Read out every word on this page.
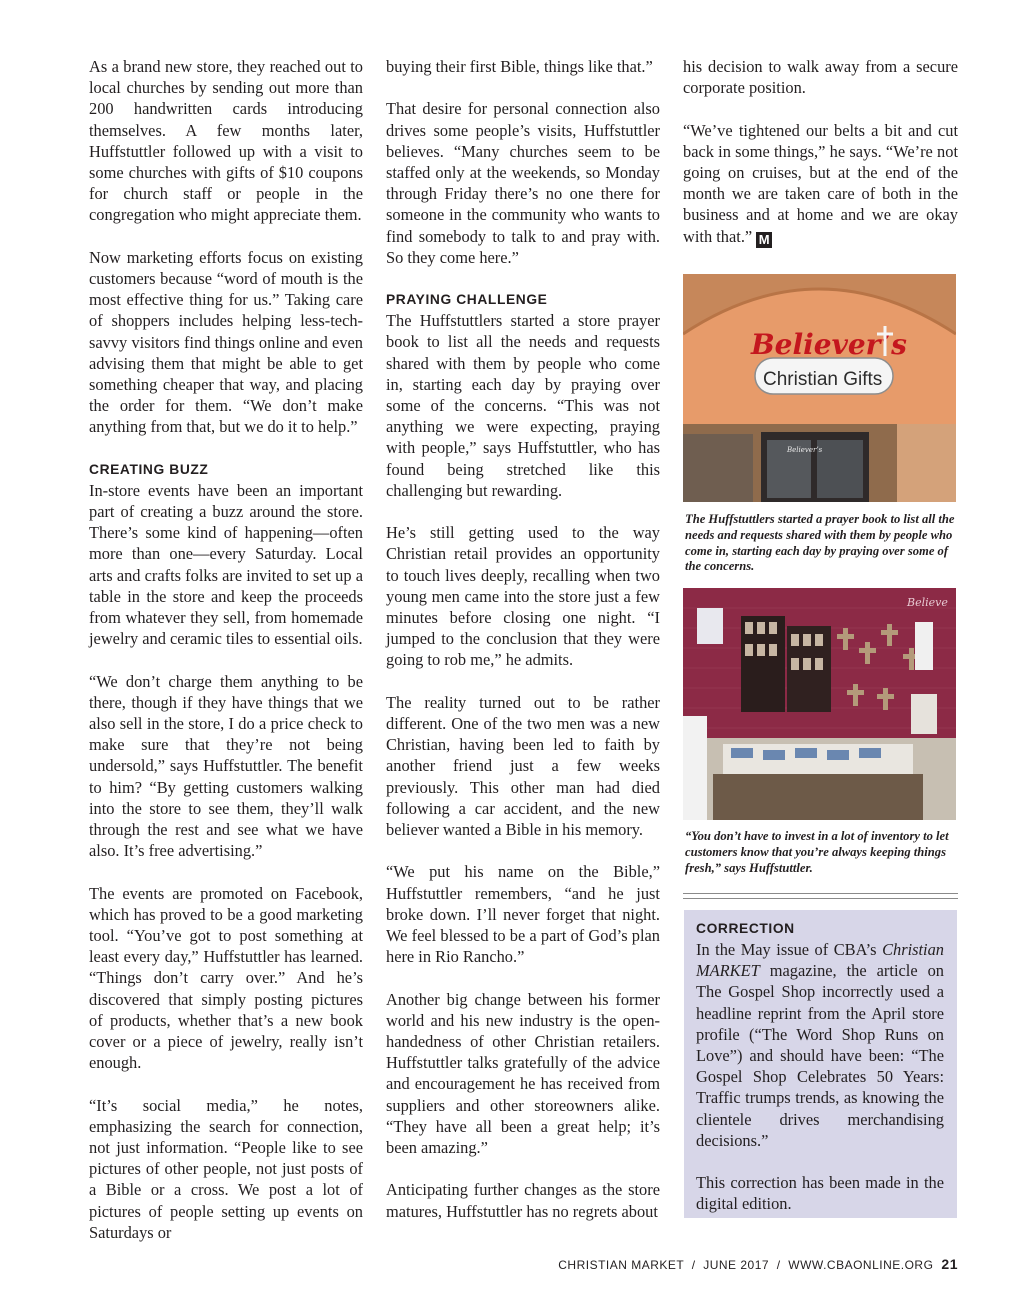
As a brand new store, they reached out to local churches by sending out more than 200 handwritten cards introducing themselves. A few months later, Huffstuttler followed up with a visit to some churches with gifts of $10 coupons for church staff or people in the congregation who might appreciate them.

Now marketing efforts focus on existing customers because “word of mouth is the most effective thing for us.” Taking care of shoppers includes helping less-tech-savvy visitors find things online and even advising them that might be able to get something cheaper that way, and placing the order for them. “We don’t make anything from that, but we do it to help.”

CREATING BUZZ

In-store events have been an important part of creating a buzz around the store. There’s some kind of happening—often more than one—every Saturday. Local arts and crafts folks are invited to set up a table in the store and keep the proceeds from whatever they sell, from homemade jewelry and ceramic tiles to essential oils.

“We don’t charge them anything to be there, though if they have things that we also sell in the store, I do a price check to make sure that they’re not being undersold,” says Huffstuttler. The benefit to him? “By getting customers walking into the store to see them, they’ll walk through the rest and see what we have also. It’s free advertising.”

The events are promoted on Facebook, which has proved to be a good marketing tool. “You’ve got to post something at least every day,” Huffstuttler has learned. “Things don’t carry over.” And he’s discovered that simply posting pictures of products, whether that’s a new book cover or a piece of jewelry, really isn’t enough.

“It’s social media,” he notes, emphasizing the search for connection, not just information. “People like to see pictures of other people, not just posts of a Bible or a cross. We post a lot of pictures of people setting up events on Saturdays or

buying their first Bible, things like that.”

That desire for personal connection also drives some people’s visits, Huffstuttler believes. “Many churches seem to be staffed only at the weekends, so Monday through Friday there’s no one there for someone in the community who wants to find somebody to talk to and pray with. So they come here.”

PRAYING CHALLENGE

The Huffstuttlers started a store prayer book to list all the needs and requests shared with them by people who come in, starting each day by praying over some of the concerns. “This was not anything we were expecting, praying with people,” says Huffstuttler, who has found being stretched like this challenging but rewarding.

He’s still getting used to the way Christian retail provides an opportunity to touch lives deeply, recalling when two young men came into the store just a few minutes before closing one night. “I jumped to the conclusion that they were going to rob me,” he admits.

The reality turned out to be rather different. One of the two men was a new Christian, having been led to faith by another friend just a few weeks previously. This other man had died following a car accident, and the new believer wanted a Bible in his memory.

“We put his name on the Bible,” Huffstuttler remembers, “and he just broke down. I’ll never forget that night. We feel blessed to be a part of God’s plan here in Rio Rancho.”

Another big change between his former world and his new industry is the open-handedness of other Christian retailers. Huffstuttler talks gratefully of the advice and encouragement he has received from suppliers and other storeowners alike. “They have all been a great help; it’s been amazing.”

Anticipating further changes as the store matures, Huffstuttler has no regrets about

his decision to walk away from a secure corporate position.

“We’ve tightened our belts a bit and cut back in some things,” he says. “We’re not going on cruises, but at the end of the month we are taken care of both in the business and at home and we are okay with that.” M

Believer’s
Christian Gifts
Believer’s
The Huffstuttlers started a prayer book to list all the needs and requests shared with them by people who come in, starting each day by praying over some of the concerns.
Believe
“You don’t have to invest in a lot of inventory to let customers know that you’re always keeping things fresh,” says Huffstuttler.
CORRECTION

In the May issue of CBA’s Christian MARKET magazine, the article on The Gospel Shop incorrectly used a headline reprint from the April store profile (“The Word Shop Runs on Love”) and should have been: “The Gospel Shop Celebrates 50 Years: Traffic trumps trends, as knowing the clientele drives merchandising decisions.”

This correction has been made in the digital edition.

CHRISTIAN MARKET  /  JUNE 2017  /  WWW.CBAONLINE.ORG 21
